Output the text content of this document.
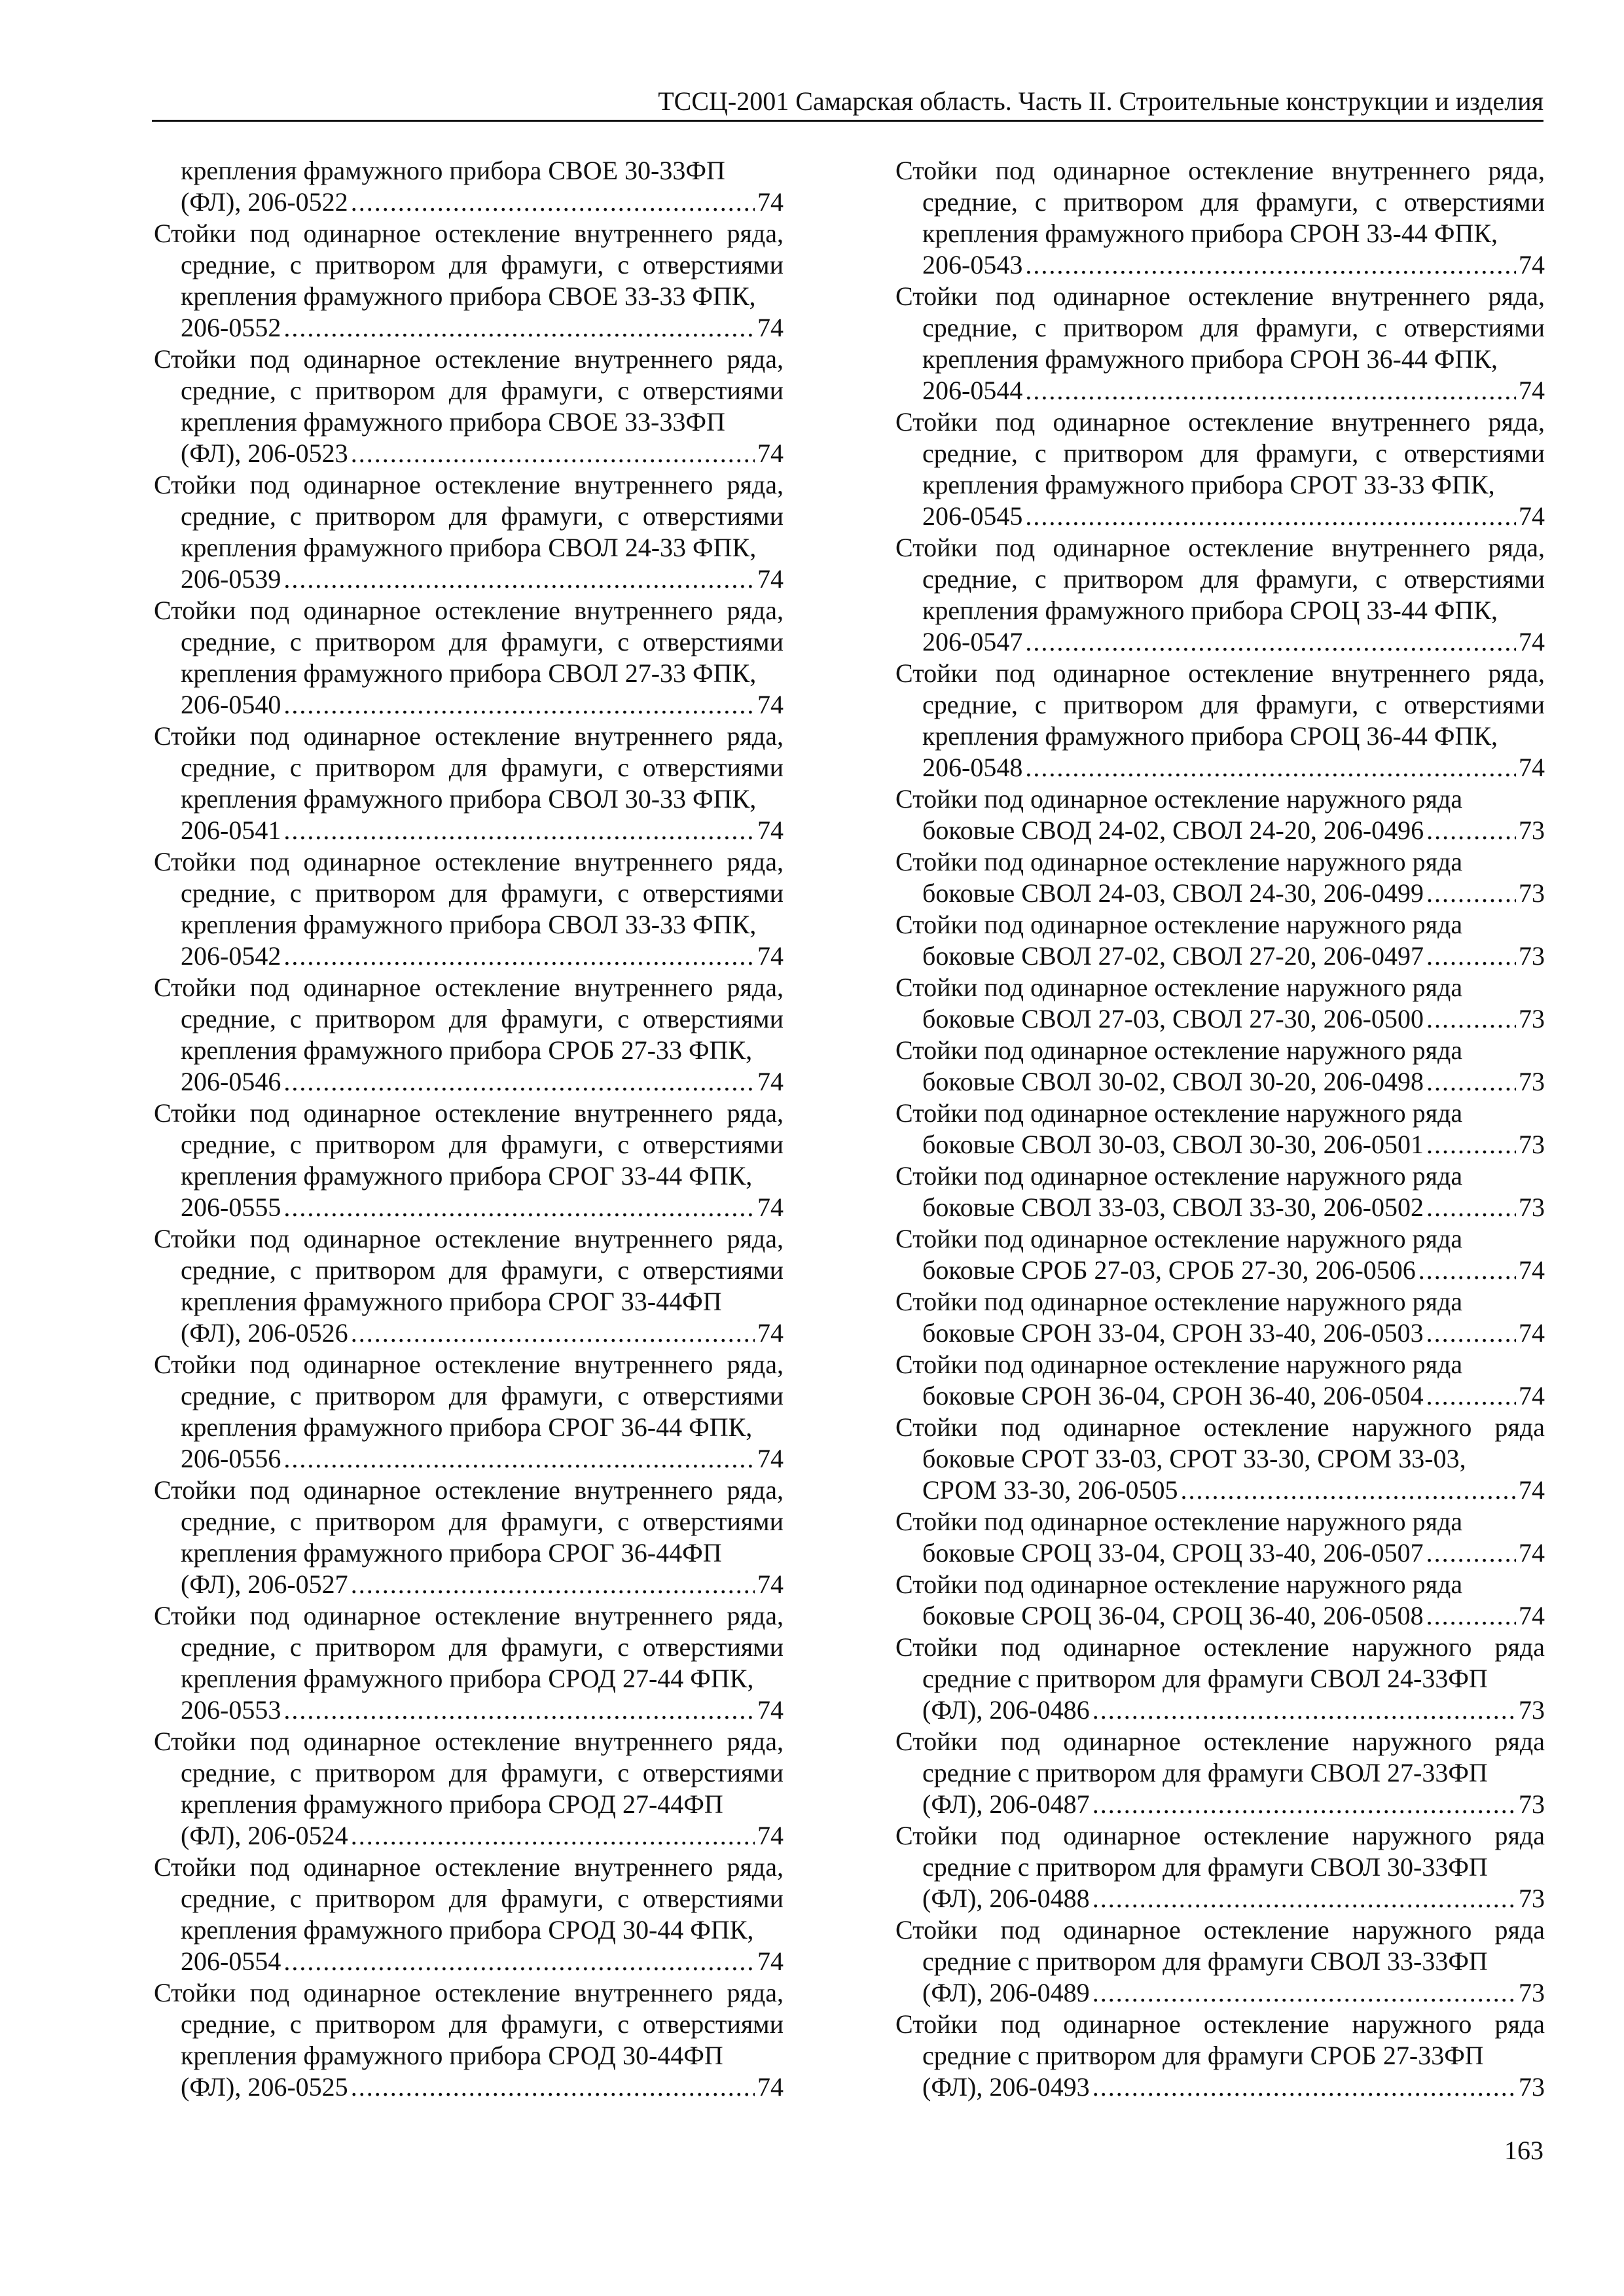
ТССЦ-2001 Самарская область. Часть II. Строительные конструкции и изделия
крепления фрамужного прибора СВОЕ 30-33ФП
(ФЛ), 206-0522 .....	74
Стойки под одинарное остекление внутреннего ряда, средние, с притвором для фрамуги, с отверстиями крепления фрамужного прибора СВОЕ 33-33 ФПК,
206-0552 .....	74
Стойки под одинарное остекление внутреннего ряда, средние, с притвором для фрамуги, с отверстиями крепления фрамужного прибора СВОЕ 33-33ФП
(ФЛ), 206-0523 .....	74
Стойки под одинарное остекление внутреннего ряда, средние, с притвором для фрамуги, с отверстиями крепления фрамужного прибора СВОЛ 24-33 ФПК,
206-0539 .....	74
Стойки под одинарное остекление внутреннего ряда, средние, с притвором для фрамуги, с отверстиями крепления фрамужного прибора СВОЛ 27-33 ФПК,
206-0540 .....	74
Стойки под одинарное остекление внутреннего ряда, средние, с притвором для фрамуги, с отверстиями крепления фрамужного прибора СВОЛ 30-33 ФПК,
206-0541 .....	74
Стойки под одинарное остекление внутреннего ряда, средние, с притвором для фрамуги, с отверстиями крепления фрамужного прибора СВОЛ 33-33 ФПК,
206-0542 .....	74
Стойки под одинарное остекление внутреннего ряда, средние, с притвором для фрамуги, с отверстиями крепления фрамужного прибора СРОБ 27-33 ФПК,
206-0546 .....	74
Стойки под одинарное остекление внутреннего ряда, средние, с притвором для фрамуги, с отверстиями крепления фрамужного прибора СРОГ 33-44 ФПК,
206-0555 .....	74
Стойки под одинарное остекление внутреннего ряда, средние, с притвором для фрамуги, с отверстиями крепления фрамужного прибора СРОГ 33-44ФП
(ФЛ), 206-0526 .....	74
Стойки под одинарное остекление внутреннего ряда, средние, с притвором для фрамуги, с отверстиями крепления фрамужного прибора СРОГ 36-44 ФПК,
206-0556 .....	74
Стойки под одинарное остекление внутреннего ряда, средние, с притвором для фрамуги, с отверстиями крепления фрамужного прибора СРОГ 36-44ФП
(ФЛ), 206-0527 .....	74
Стойки под одинарное остекление внутреннего ряда, средние, с притвором для фрамуги, с отверстиями крепления фрамужного прибора СРОД 27-44 ФПК,
206-0553 .....	74
Стойки под одинарное остекление внутреннего ряда, средние, с притвором для фрамуги, с отверстиями крепления фрамужного прибора СРОД 27-44ФП
(ФЛ), 206-0524 .....	74
Стойки под одинарное остекление внутреннего ряда, средние, с притвором для фрамуги, с отверстиями крепления фрамужного прибора СРОД 30-44 ФПК,
206-0554 .....	74
Стойки под одинарное остекление внутреннего ряда, средние, с притвором для фрамуги, с отверстиями крепления фрамужного прибора СРОД 30-44ФП
(ФЛ), 206-0525 .....	74
Стойки под одинарное остекление внутреннего ряда, средние, с притвором для фрамуги, с отверстиями крепления фрамужного прибора СРОН 33-44 ФПК,
206-0543 .....	74
Стойки под одинарное остекление внутреннего ряда, средние, с притвором для фрамуги, с отверстиями крепления фрамужного прибора СРОН 36-44 ФПК,
206-0544 .....	74
Стойки под одинарное остекление внутреннего ряда, средние, с притвором для фрамуги, с отверстиями крепления фрамужного прибора СРОТ 33-33 ФПК,
206-0545 .....	74
Стойки под одинарное остекление внутреннего ряда, средние, с притвором для фрамуги, с отверстиями крепления фрамужного прибора СРОЦ 33-44 ФПК,
206-0547 .....	74
Стойки под одинарное остекление внутреннего ряда, средние, с притвором для фрамуги, с отверстиями крепления фрамужного прибора СРОЦ 36-44 ФПК,
206-0548 .....	74
Стойки под одинарное остекление наружного ряда
боковые СВОД 24-02, СВОЛ 24-20, 206-0496 .....	73
Стойки под одинарное остекление наружного ряда
боковые СВОЛ 24-03, СВОЛ 24-30, 206-0499 .....	73
Стойки под одинарное остекление наружного ряда
боковые СВОЛ 27-02, СВОЛ 27-20, 206-0497 .....	73
Стойки под одинарное остекление наружного ряда
боковые СВОЛ 27-03, СВОЛ 27-30, 206-0500 .....	73
Стойки под одинарное остекление наружного ряда
боковые СВОЛ 30-02, СВОЛ 30-20, 206-0498 .....	73
Стойки под одинарное остекление наружного ряда
боковые СВОЛ 30-03, СВОЛ 30-30, 206-0501 .....	73
Стойки под одинарное остекление наружного ряда
боковые СВОЛ 33-03, СВОЛ 33-30, 206-0502 .....	73
Стойки под одинарное остекление наружного ряда
боковые СРОБ 27-03, СРОБ 27-30, 206-0506 .....	74
Стойки под одинарное остекление наружного ряда
боковые СРОН 33-04, СРОН 33-40, 206-0503 .....	74
Стойки под одинарное остекление наружного ряда
боковые СРОН 36-04, СРОН 36-40, 206-0504 .....	74
Стойки под одинарное остекление наружного ряда боковые СРОТ 33-03, СРОТ 33-30, СРОМ 33-03,
СРОМ 33-30, 206-0505 .....	74
Стойки под одинарное остекление наружного ряда
боковые СРОЦ 33-04, СРОЦ 33-40, 206-0507 .....	74
Стойки под одинарное остекление наружного ряда
боковые СРОЦ 36-04, СРОЦ 36-40, 206-0508 .....	74
Стойки под одинарное остекление наружного ряда средние с притвором для фрамуги СВОЛ 24-33ФП
(ФЛ), 206-0486 .....	73
Стойки под одинарное остекление наружного ряда средние с притвором для фрамуги СВОЛ 27-33ФП
(ФЛ), 206-0487 .....	73
Стойки под одинарное остекление наружного ряда средние с притвором для фрамуги СВОЛ 30-33ФП
(ФЛ), 206-0488 .....	73
Стойки под одинарное остекление наружного ряда средние с притвором для фрамуги СВОЛ 33-33ФП
(ФЛ), 206-0489 .....	73
Стойки под одинарное остекление наружного ряда средние с притвором для фрамуги СРОБ 27-33ФП
(ФЛ), 206-0493 .....	73
163
